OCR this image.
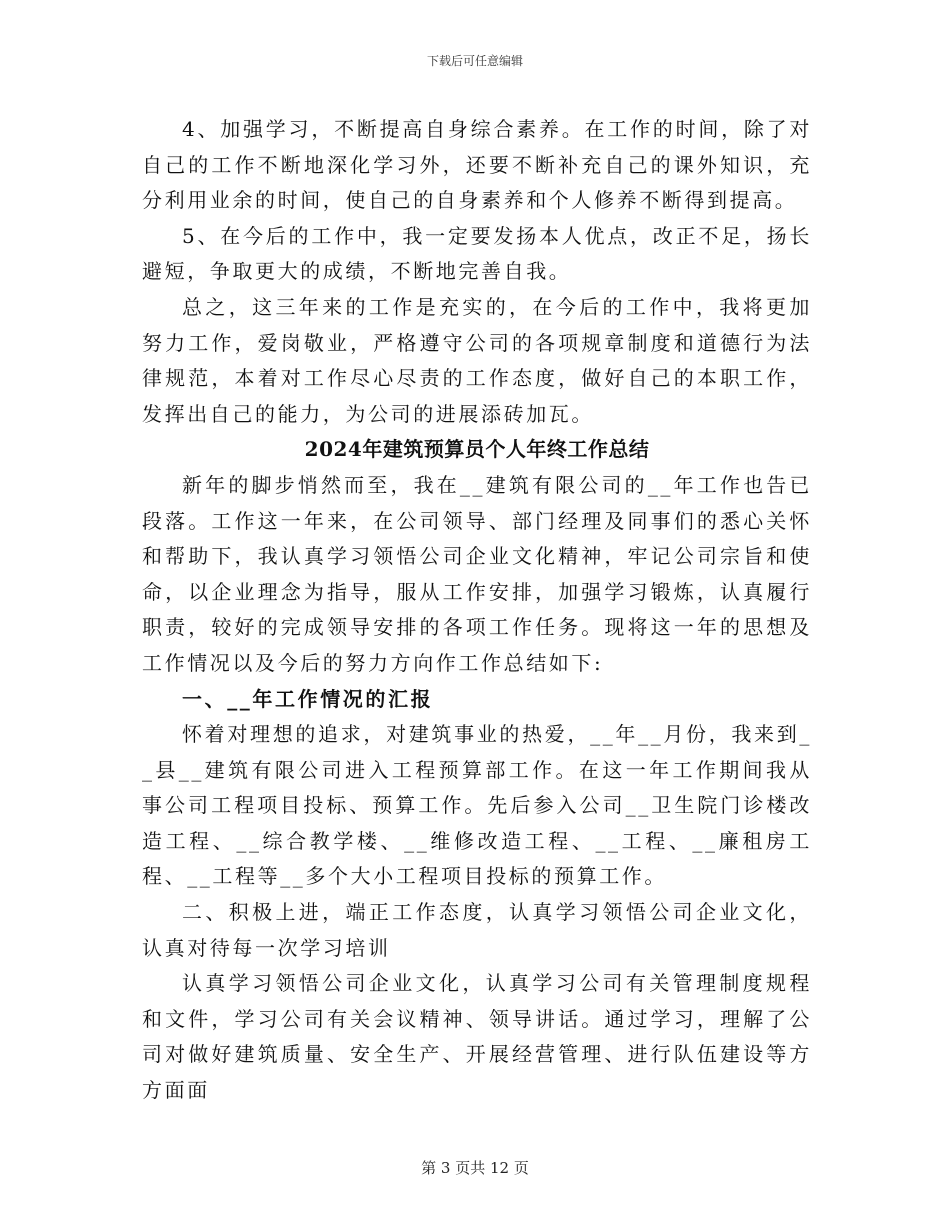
下载后可任意编辑

4、加强学习，不断提高自身综合素养。在工作的时间，除了对自己的工作不断地深化学习外，还要不断补充自己的课外知识，充分利用业余的时间，使自己的自身素养和个人修养不断得到提高。

5、在今后的工作中，我一定要发扬本人优点，改正不足，扬长避短，争取更大的成绩，不断地完善自我。

总之，这三年来的工作是充实的，在今后的工作中，我将更加努力工作，爱岗敬业，严格遵守公司的各项规章制度和道德行为法律规范，本着对工作尽心尽责的工作态度，做好自己的本职工作，发挥出自己的能力，为公司的进展添砖加瓦。

2024年建筑预算员个人年终工作总结

新年的脚步悄然而至，我在__建筑有限公司的__年工作也告已段落。工作这一年来，在公司领导、部门经理及同事们的悉心关怀和帮助下，我认真学习领悟公司企业文化精神，牢记公司宗旨和使命，以企业理念为指导，服从工作安排，加强学习锻炼，认真履行职责，较好的完成领导安排的各项工作任务。现将这一年的思想及工作情况以及今后的努力方向作工作总结如下:

一、__年工作情况的汇报

怀着对理想的追求，对建筑事业的热爱，__年__月份，我来到__县__建筑有限公司进入工程预算部工作。在这一年工作期间我从事公司工程项目投标、预算工作。先后参入公司__卫生院门诊楼改造工程、__综合教学楼、__维修改造工程、__工程、__廉租房工程、__工程等__多个大小工程项目投标的预算工作。

二、积极上进，端正工作态度，认真学习领悟公司企业文化，认真对待每一次学习培训

认真学习领悟公司企业文化，认真学习公司有关管理制度规程和文件，学习公司有关会议精神、领导讲话。通过学习，理解了公司对做好建筑质量、安全生产、开展经营管理、进行队伍建设等方方面面

第 3 页共 12 页
